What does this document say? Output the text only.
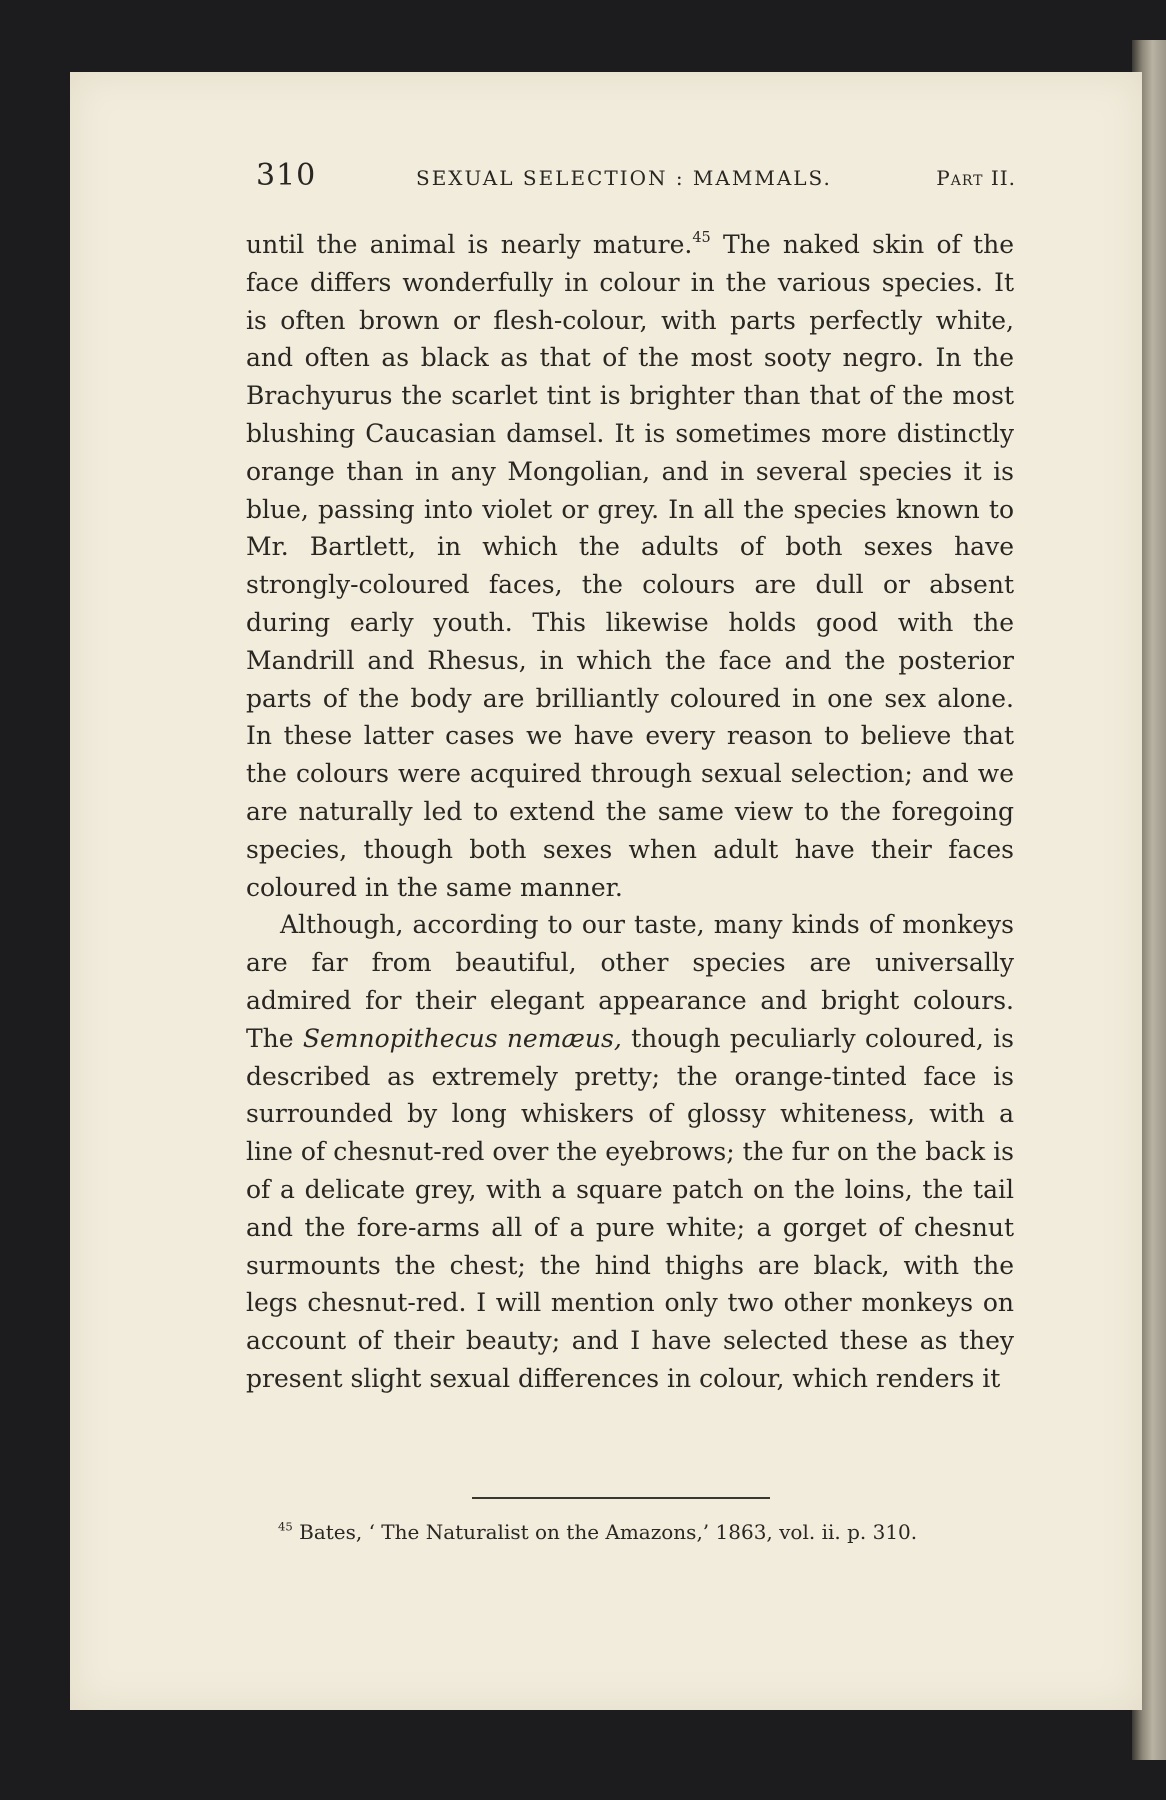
310	SEXUAL SELECTION : MAMMALS.	Part II.

until the animal is nearly mature.$^{45}$ The naked skin of the face differs wonderfully in colour in the various species. It is often brown or flesh-colour, with parts perfectly white, and often as black as that of the most sooty negro. In the Brachyurus the scarlet tint is brighter than that of the most blushing Caucasian damsel. It is sometimes more distinctly orange than in any Mongolian, and in several species it is blue, passing into violet or grey. In all the species known to Mr. Bartlett, in which the adults of both sexes have strongly-coloured faces, the colours are dull or absent during early youth. This likewise holds good with the Mandrill and Rhesus, in which the face and the posterior parts of the body are brilliantly coloured in one sex alone. In these latter cases we have every reason to believe that the colours were acquired through sexual selection; and we are naturally led to extend the same view to the foregoing species, though both sexes when adult have their faces coloured in the same manner.

Although, according to our taste, many kinds of monkeys are far from beautiful, other species are universally admired for their elegant appearance and bright colours. The Semnopithecus nemæus, though peculiarly coloured, is described as extremely pretty; the orange-tinted face is surrounded by long whiskers of glossy whiteness, with a line of chesnut-red over the eyebrows; the fur on the back is of a delicate grey, with a square patch on the loins, the tail and the fore-arms all of a pure white; a gorget of chesnut surmounts the chest; the hind thighs are black, with the legs chesnut-red. I will mention only two other monkeys on account of their beauty; and I have selected these as they present slight sexual differences in colour, which renders it

$^{45}$ Bates, ‘ The Naturalist on the Amazons,’ 1863, vol. ii. p. 310.
